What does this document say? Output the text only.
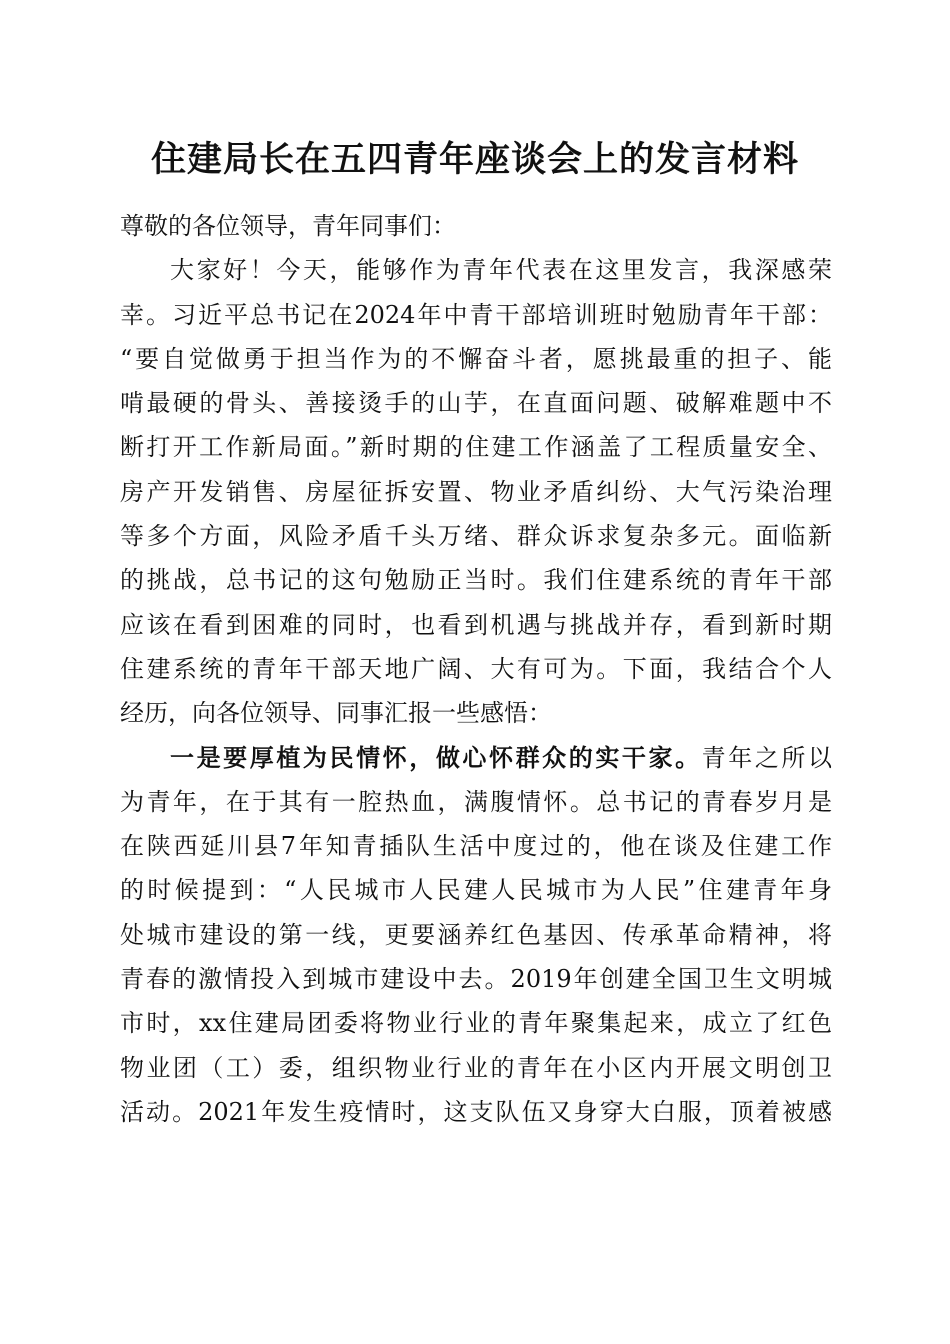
住建局长在五四青年座谈会上的发言材料
尊敬的各位领导，青年同事们：
大家好！今天，能够作为青年代表在这里发言，我深感荣
幸。习近平总书记在2024年中青干部培训班时勉励青年干部：
“要自觉做勇于担当作为的不懈奋斗者，愿挑最重的担子、能
啃最硬的骨头、善接烫手的山芋，在直面问题、破解难题中不
断打开工作新局面。”新时期的住建工作涵盖了工程质量安全、
房产开发销售、房屋征拆安置、物业矛盾纠纷、大气污染治理
等多个方面，风险矛盾千头万绪、群众诉求复杂多元。面临新
的挑战，总书记的这句勉励正当时。我们住建系统的青年干部
应该在看到困难的同时，也看到机遇与挑战并存，看到新时期
住建系统的青年干部天地广阔、大有可为。下面，我结合个人
经历，向各位领导、同事汇报一些感悟：
一是要厚植为民情怀，做心怀群众的实干家。青年之所以
为青年，在于其有一腔热血，满腹情怀。总书记的青春岁月是
在陕西延川县7年知青插队生活中度过的，他在谈及住建工作
的时候提到：“人民城市人民建人民城市为人民”住建青年身
处城市建设的第一线，更要涵养红色基因、传承革命精神，将
青春的激情投入到城市建设中去。2019年创建全国卫生文明城
市时，xx住建局团委将物业行业的青年聚集起来，成立了红色
物业团（工）委，组织物业行业的青年在小区内开展文明创卫
活动。2021年发生疫情时，这支队伍又身穿大白服，顶着被感
